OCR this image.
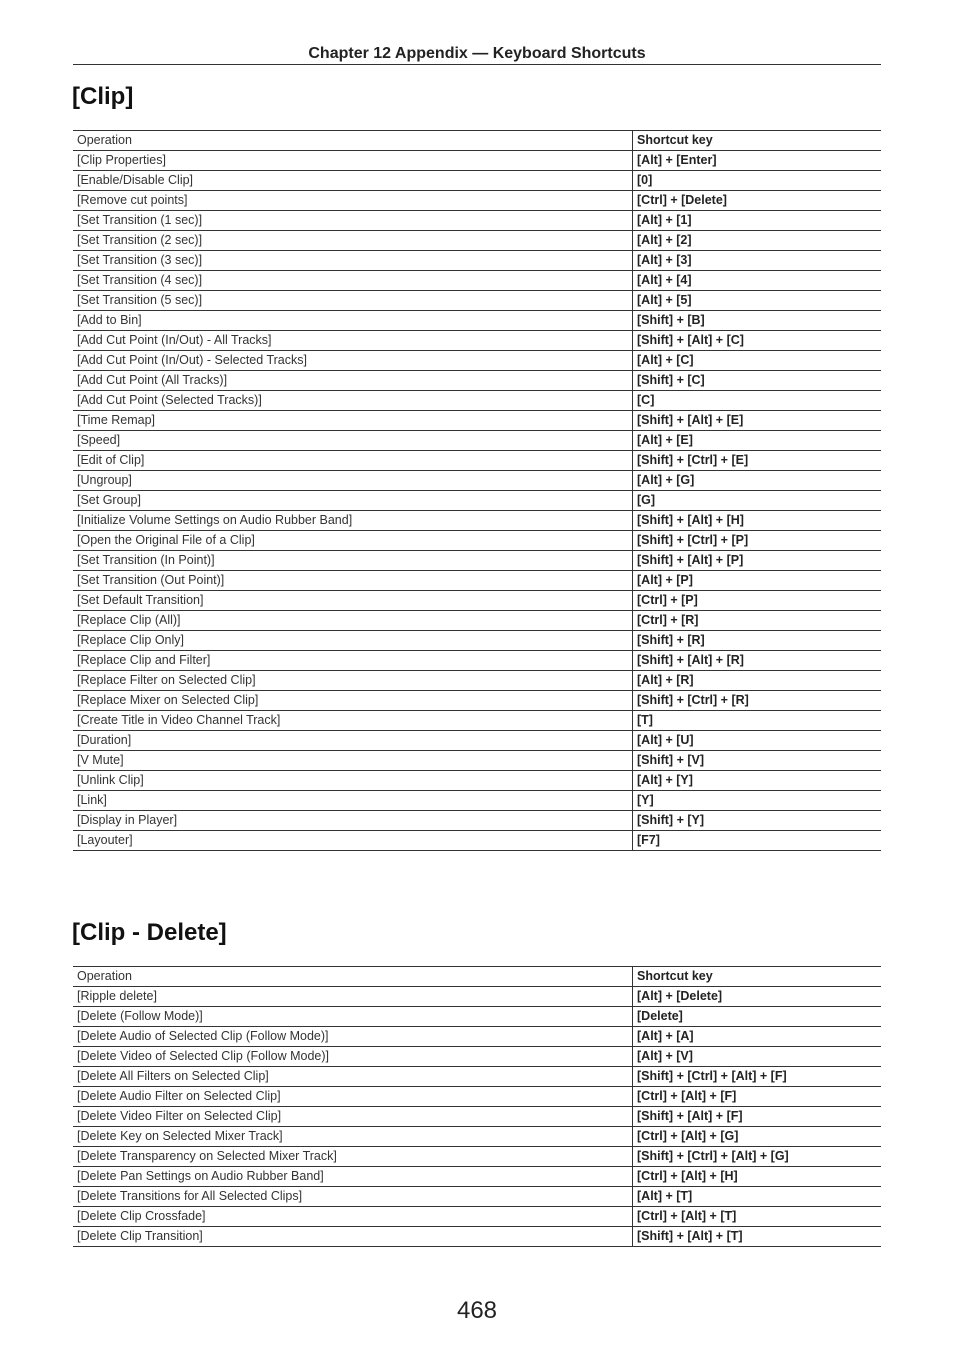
Chapter 12 Appendix — Keyboard Shortcuts
[Clip]
Operation	Shortcut key
[Clip Properties]	[Alt] + [Enter]
[Enable/Disable Clip]	[0]
[Remove cut points]	[Ctrl] + [Delete]
[Set Transition (1 sec)]	[Alt] + [1]
[Set Transition (2 sec)]	[Alt] + [2]
[Set Transition (3 sec)]	[Alt] + [3]
[Set Transition (4 sec)]	[Alt] + [4]
[Set Transition (5 sec)]	[Alt] + [5]
[Add to Bin]	[Shift] + [B]
[Add Cut Point (In/Out) - All Tracks]	[Shift] + [Alt] + [C]
[Add Cut Point (In/Out) - Selected Tracks]	[Alt] + [C]
[Add Cut Point (All Tracks)]	[Shift] + [C]
[Add Cut Point (Selected Tracks)]	[C]
[Time Remap]	[Shift] + [Alt] + [E]
[Speed]	[Alt] + [E]
[Edit of Clip]	[Shift] + [Ctrl] + [E]
[Ungroup]	[Alt] + [G]
[Set Group]	[G]
[Initialize Volume Settings on Audio Rubber Band]	[Shift] + [Alt] + [H]
[Open the Original File of a Clip]	[Shift] + [Ctrl] + [P]
[Set Transition (In Point)]	[Shift] + [Alt] + [P]
[Set Transition (Out Point)]	[Alt] + [P]
[Set Default Transition]	[Ctrl] + [P]
[Replace Clip (All)]	[Ctrl] + [R]
[Replace Clip Only]	[Shift] + [R]
[Replace Clip and Filter]	[Shift] + [Alt] + [R]
[Replace Filter on Selected Clip]	[Alt] + [R]
[Replace Mixer on Selected Clip]	[Shift] + [Ctrl] + [R]
[Create Title in Video Channel Track]	[T]
[Duration]	[Alt] + [U]
[V Mute]	[Shift] + [V]
[Unlink Clip]	[Alt] + [Y]
[Link]	[Y]
[Display in Player]	[Shift] + [Y]
[Layouter]	[F7]
[Clip - Delete]
Operation	Shortcut key
[Ripple delete]	[Alt] + [Delete]
[Delete (Follow Mode)]	[Delete]
[Delete Audio of Selected Clip (Follow Mode)]	[Alt] + [A]
[Delete Video of Selected Clip (Follow Mode)]	[Alt] + [V]
[Delete All Filters on Selected Clip]	[Shift] + [Ctrl] + [Alt] + [F]
[Delete Audio Filter on Selected Clip]	[Ctrl] + [Alt] + [F]
[Delete Video Filter on Selected Clip]	[Shift] + [Alt] + [F]
[Delete Key on Selected Mixer Track]	[Ctrl] + [Alt] + [G]
[Delete Transparency on Selected Mixer Track]	[Shift] + [Ctrl] + [Alt] + [G]
[Delete Pan Settings on Audio Rubber Band]	[Ctrl] + [Alt] + [H]
[Delete Transitions for All Selected Clips]	[Alt] + [T]
[Delete Clip Crossfade]	[Ctrl] + [Alt] + [T]
[Delete Clip Transition]	[Shift] + [Alt] + [T]
468
